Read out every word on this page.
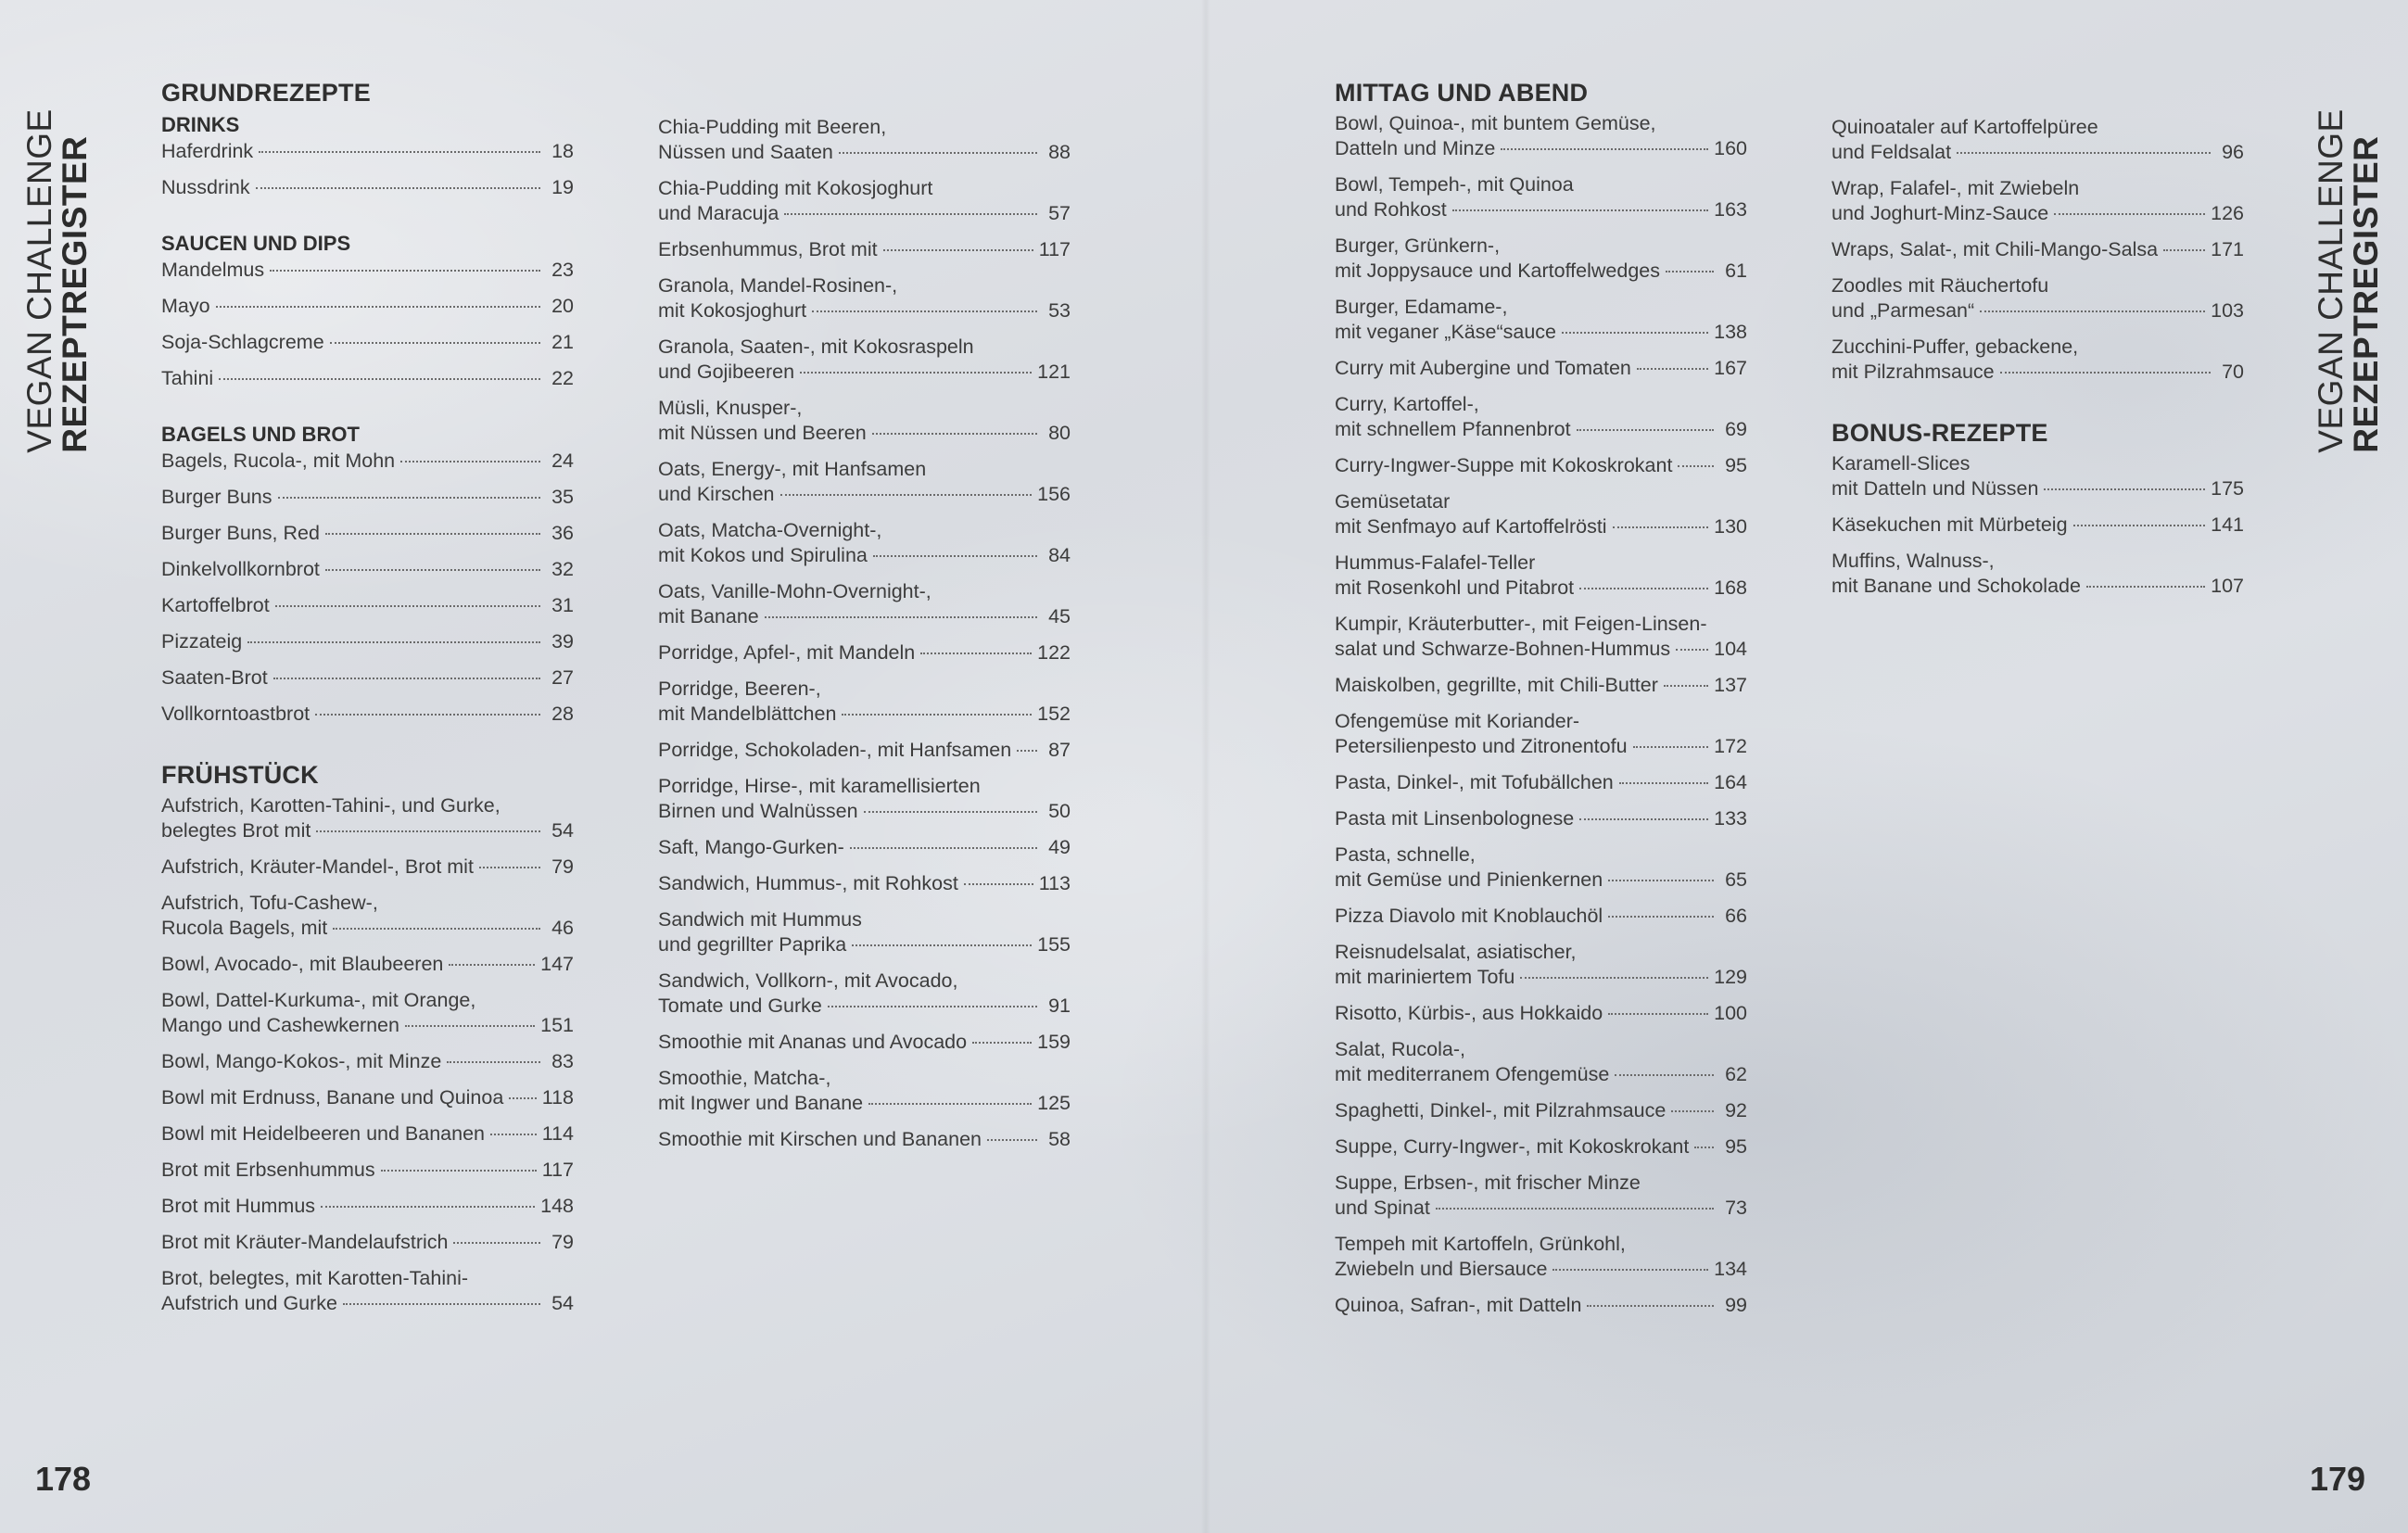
VEGAN CHALLENGE
REZEPTREGISTER	VEGAN CHALLENGE
REZEPTREGISTER
GRUNDREZEPTE
DRINKS
Haferdrink	18
Nussdrink	19
SAUCEN UND DIPS
Mandelmus	23
Mayo	20
Soja-Schlagcreme	21
Tahini	22
BAGELS UND BROT
Bagels, Rucola-, mit Mohn	24
Burger Buns	35
Burger Buns, Red	36
Dinkelvollkornbrot	32
Kartoffelbrot	31
Pizzateig	39
Saaten-Brot	27
Vollkorntoastbrot	28
FRÜHSTÜCK
Aufstrich, Karotten-Tahini-, und Gurke,
belegtes Brot mit	54
Aufstrich, Kräuter-Mandel-, Brot mit	79
Aufstrich, Tofu-Cashew-,
Rucola Bagels, mit	46
Bowl, Avocado-, mit Blaubeeren	147
Bowl, Dattel-Kurkuma-, mit Orange,
Mango und Cashewkernen	151
Bowl, Mango-Kokos-, mit Minze	83
Bowl mit Erdnuss, Banane und Quinoa 118
Bowl mit Heidelbeeren und Bananen	114
Brot mit Erbsenhummus	117
Brot mit Hummus	148
Brot mit Kräuter-Mandelaufstrich	79
Brot, belegtes, mit Karotten-Tahini-
Aufstrich und Gurke	54
Chia-Pudding mit Beeren,
Nüssen und Saaten	88
Chia-Pudding mit Kokosjoghurt
und Maracuja	57
Erbsenhummus, Brot mit	117
Granola, Mandel-Rosinen-,
mit Kokosjoghurt	53
Granola, Saaten-, mit Kokosraspeln
und Gojibeeren	121
Müsli, Knusper-,
mit Nüssen und Beeren	80
Oats, Energy-, mit Hanfsamen
und Kirschen	156
Oats, Matcha-Overnight-,
mit Kokos und Spirulina	84
Oats, Vanille-Mohn-Overnight-,
mit Banane	45
Porridge, Apfel-, mit Mandeln	122
Porridge, Beeren-,
mit Mandelblättchen	152
Porridge, Schokoladen-, mit Hanfsamen 87
Porridge, Hirse-, mit karamellisierten
Birnen und Walnüssen	50
Saft, Mango-Gurken-	49
Sandwich, Hummus-, mit Rohkost	113
Sandwich mit Hummus
und gegrillter Paprika	155
Sandwich, Vollkorn-, mit Avocado,
Tomate und Gurke	91
Smoothie mit Ananas und Avocado	159
Smoothie, Matcha-,
mit Ingwer und Banane	125
Smoothie mit Kirschen und Bananen	58
MITTAG UND ABEND
Bowl, Quinoa-, mit buntem Gemüse,
Datteln und Minze	160
Bowl, Tempeh-, mit Quinoa
und Rohkost	163
Burger, Grünkern-,
mit Joppysauce und Kartoffelwedges	61
Burger, Edamame-,
mit veganer „Käse“sauce	138
Curry mit Aubergine und Tomaten	167
Curry, Kartoffel-,
mit schnellem Pfannenbrot	69
Curry-Ingwer-Suppe mit Kokoskrokant	95
Gemüsetatar
mit Senfmayo auf Kartoffelrösti	130
Hummus-Falafel-Teller
mit Rosenkohl und Pitabrot	168
Kumpir, Kräuterbutter-, mit Feigen-Linsen-
salat und Schwarze-Bohnen-Hummus 104
Maiskolben, gegrillte, mit Chili-Butter	137
Ofengemüse mit Koriander-
Petersilienpesto und Zitronentofu	172
Pasta, Dinkel-, mit Tofubällchen	164
Pasta mit Linsenbolognese	133
Pasta, schnelle,
mit Gemüse und Pinienkernen	65
Pizza Diavolo mit Knoblauchöl	66
Reisnudelsalat, asiatischer,
mit mariniertem Tofu	129
Risotto, Kürbis-, aus Hokkaido	100
Salat, Rucola-,
mit mediterranem Ofengemüse	62
Spaghetti, Dinkel-, mit Pilzrahmsauce	92
Suppe, Curry-Ingwer-, mit Kokoskrokant 95
Suppe, Erbsen-, mit frischer Minze
und Spinat	73
Tempeh mit Kartoffeln, Grünkohl,
Zwiebeln und Biersauce	134
Quinoa, Safran-, mit Datteln	99
Quinoataler auf Kartoffelpüree
und Feldsalat	96
Wrap, Falafel-, mit Zwiebeln
und Joghurt-Minz-Sauce	126
Wraps, Salat-, mit Chili-Mango-Salsa	171
Zoodles mit Räuchertofu
und „Parmesan“	103
Zucchini-Puffer, gebackene,
mit Pilzrahmsauce	70
BONUS-REZEPTE
Karamell-Slices
mit Datteln und Nüssen	175
Käsekuchen mit Mürbeteig	141
Muffins, Walnuss-,
mit Banane und Schokolade	107
178	179
